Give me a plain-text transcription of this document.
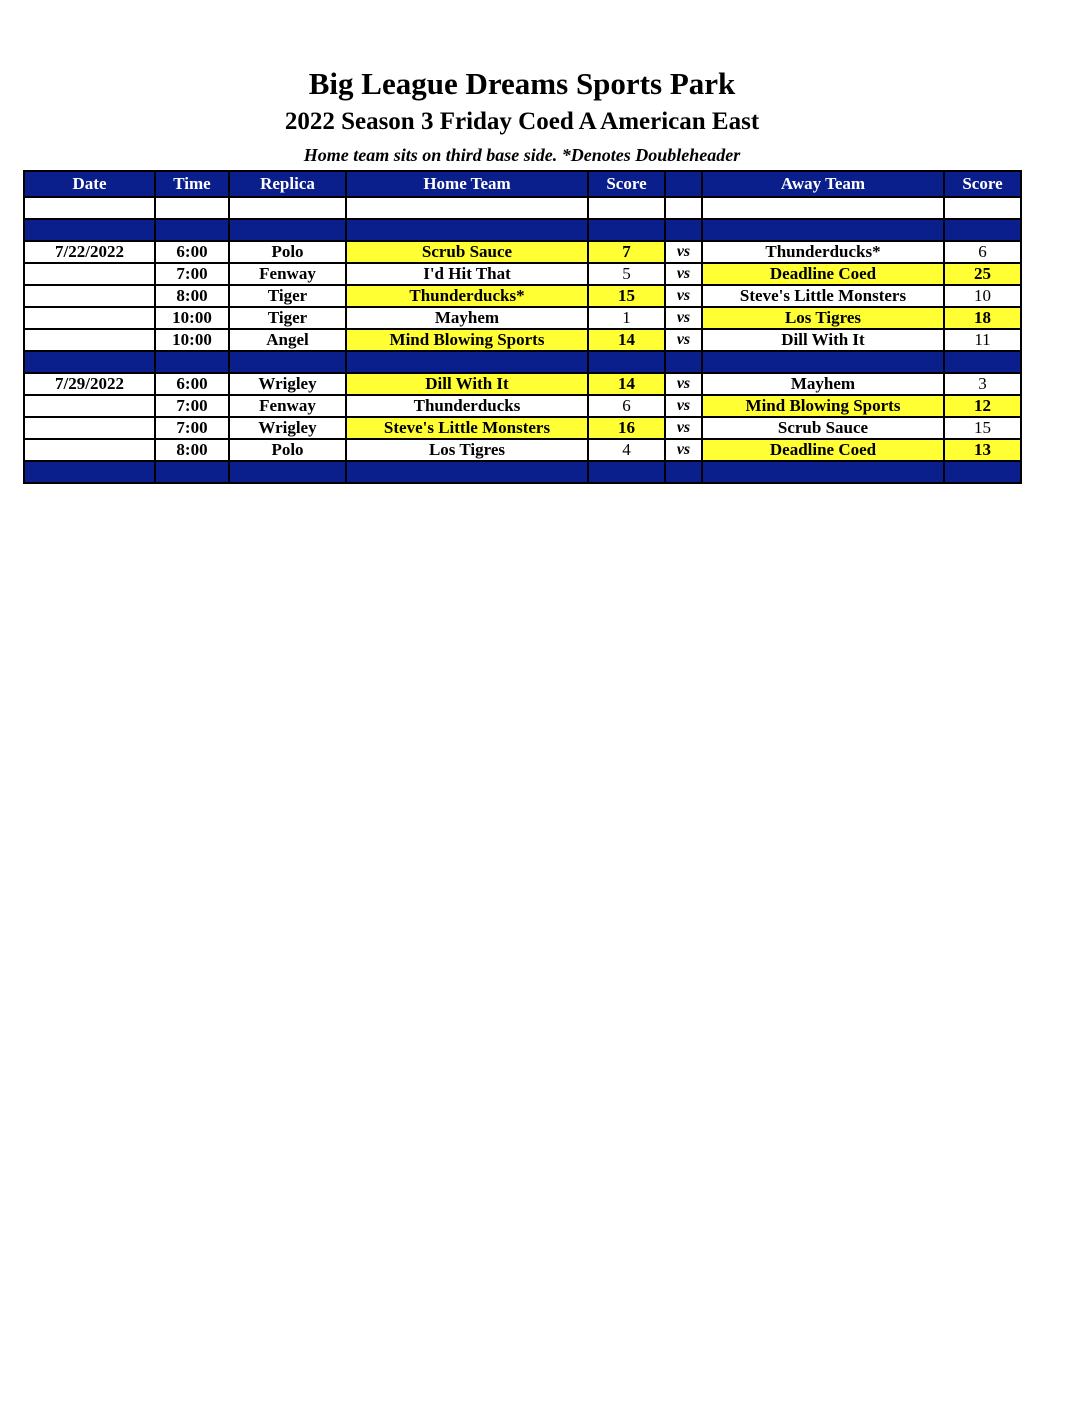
Big League Dreams Sports Park
2022 Season 3 Friday Coed A American East
Home team sits on third base side. *Denotes Doubleheader
Date	Time	Replica	Home Team	Score		Away Team	Score

7/22/2022	6:00	Polo	Scrub Sauce	7	vs	Thunderducks*	6
	7:00	Fenway	I'd Hit That	5	vs	Deadline Coed	25
	8:00	Tiger	Thunderducks*	15	vs	Steve's Little Monsters	10
	10:00	Tiger	Mayhem	1	vs	Los Tigres	18
	10:00	Angel	Mind Blowing Sports	14	vs	Dill With It	11

7/29/2022	6:00	Wrigley	Dill With It	14	vs	Mayhem	3
	7:00	Fenway	Thunderducks	6	vs	Mind Blowing Sports	12
	7:00	Wrigley	Steve's Little Monsters	16	vs	Scrub Sauce	15
	8:00	Polo	Los Tigres	4	vs	Deadline Coed	13
